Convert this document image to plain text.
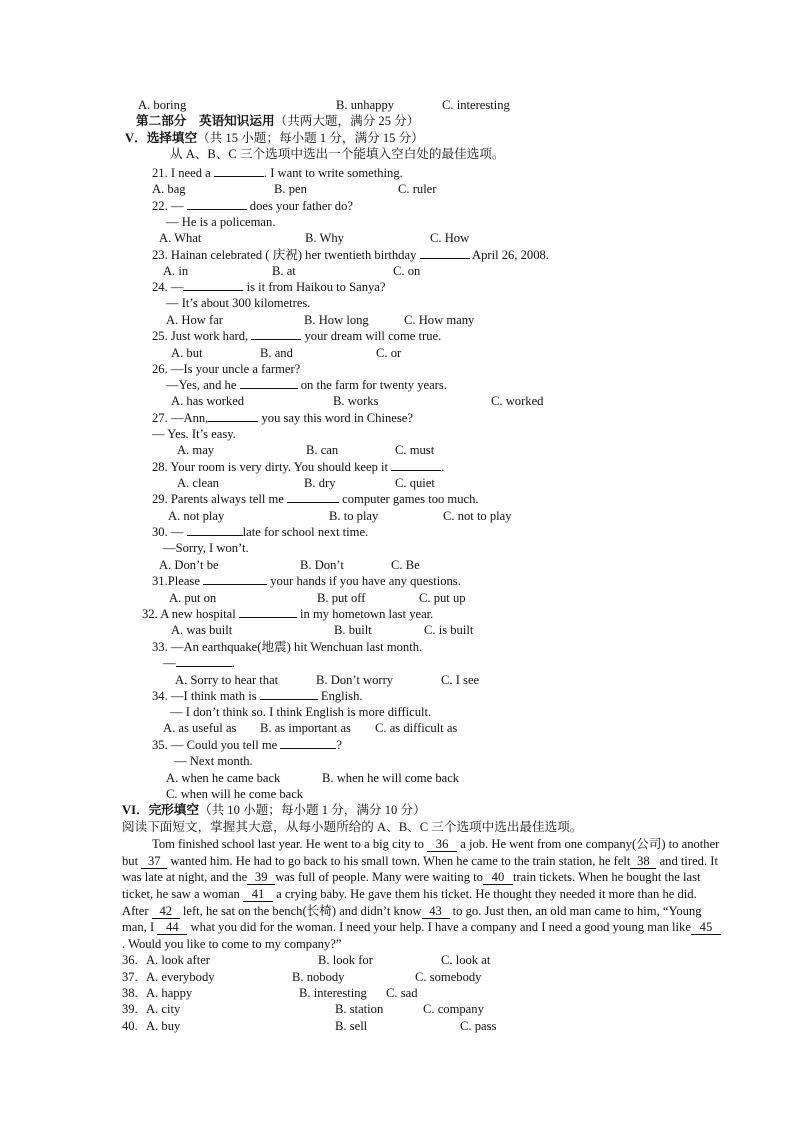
A. boring	B. unhappy	C. interesting
第二部分　英语知识运用（共两大题，满分 25 分）
V．选择填空（共 15 小题；每小题 1 分，满分 15 分）
从 A、B、C 三个选项中选出一个能填入空白处的最佳选项。
21. I need a	. I want to write something.
A. bag	B. pen	C. ruler
22. —	does your father do?
— He is a policeman.
A. What	B. Why	C. How
23. Hainan celebrated ( 庆祝) her twentieth birthday	April 26, 2008.
A. in	B. at	C. on
24. —	is it from Haikou to Sanya?
— It’s about 300 kilometres.
A. How far	B. How long	C. How many
25. Just work hard,	your dream will come true.
A. but	B. and	C. or
26. —Is your uncle a farmer?
—Yes, and he	on the farm for twenty years.
A. has worked	B. works	C. worked
27. —Ann,	you say this word in Chinese?
— Yes. It’s easy.
A. may	B. can	C. must
28. Your room is very dirty. You should keep it	.
A. clean	B. dry	C. quiet
29. Parents always tell me	computer games too much.
A. not play	B. to play	C. not to play
30. —	late for school next time.
—Sorry, I won’t.
A. Don’t be	B. Don’t	C. Be
31.Please	your hands if you have any questions.
A. put on	B. put off	C. put up
32. A new hospital	in my hometown last year.
A. was built	B. built	C. is built
33. —An earthquake(地震) hit Wenchuan last month.
—	.
A. Sorry to hear that	B. Don’t worry	C. I see
34. —I think math is	English.
— I don’t think so. I think English is more difficult.
A. as useful as B. as important as C. as difficult as
35. — Could you tell me	?
— Next month.
A. when he came back	B. when he will come back
C. when will he come back
VI．完形填空（共 10 小题；每小题 1 分，满分 10 分）
阅读下面短文，掌握其大意，从每小题所给的 A、B、C 三个选项中选出最佳选项。
Tom finished school last year. He went to a big city to 36 a job. He went from one company(公司) to another
but 37 wanted him. He had to go back to his small town. When he came to the train station, he felt 38 and tired. It
was late at night, and the 39 was full of people. Many were waiting to 40 train tickets. When he bought the last
ticket, he saw a woman 41 a crying baby. He gave them his ticket. He thought they needed it more than he did.
After 42 left, he sat on the bench(长椅) and didn’t know 43 to go. Just then, an old man came to him, “Young
man, I 44 what you did for the woman. I need your help. I have a company and I need a good young man like 45
. Would you like to come to my company?”
36. A. look after	B. look for	C. look at
37. A. everybody	B. nobody	C. somebody
38. A. happy	B. interesting C. sad
39. A. city	B. station	C. company
40. A. buy	B. sell	C. pass
